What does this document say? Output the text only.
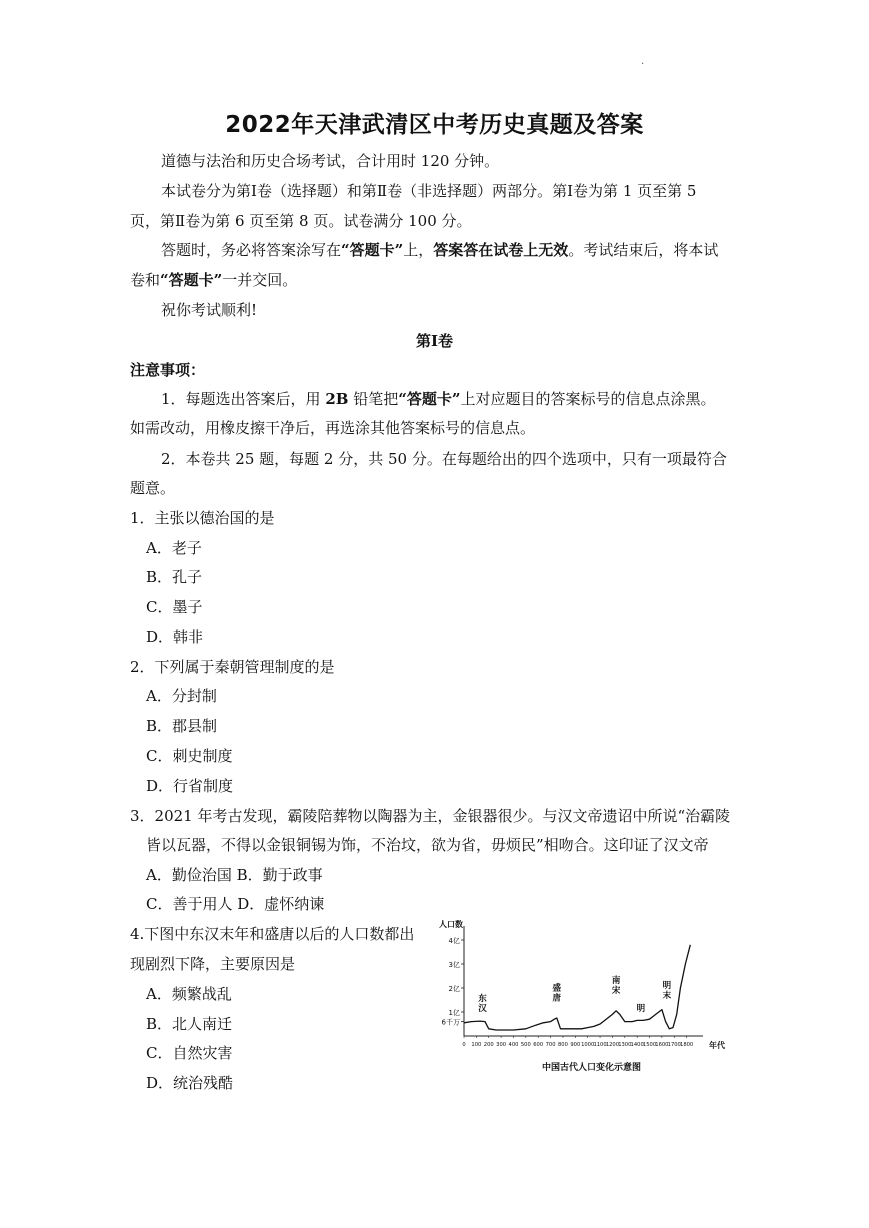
.
2022年天津武清区中考历史真题及答案
道德与法治和历史合场考试，合计用时 120 分钟。
本试卷分为第Ⅰ卷（选择题）和第Ⅱ卷（非选择题）两部分。第Ⅰ卷为第 1 页至第 5
页，第Ⅱ卷为第 6 页至第 8 页。试卷满分 100 分。
答题时，务必将答案涂写在“答题卡”上，答案答在试卷上无效。考试结束后，将本试
卷和“答题卡”一并交回。
祝你考试顺利!
第Ⅰ卷
注意事项：
1．每题选出答案后，用 2B 铅笔把“答题卡”上对应题目的答案标号的信息点涂黑。
如需改动，用橡皮擦干净后，再选涂其他答案标号的信息点。
2．本卷共 25 题，每题 2 分，共 50 分。在每题给出的四个选项中，只有一项最符合
题意。
1．主张以德治国的是
A．老子
B．孔子
C．墨子
D．韩非
2．下列属于秦朝管理制度的是
A．分封制
B．郡县制
C．刺史制度
D．行省制度
3．2021 年考古发现，霸陵陪葬物以陶器为主，金银器很少。与汉文帝遗诏中所说“治霸陵
皆以瓦器，不得以金银铜锡为饰，不治坟，欲为省，毋烦民”相吻合。这印证了汉文帝
A．勤俭治国 B．勤于政事
C．善于用人 D．虚怀纳谏
4.下图中东汉末年和盛唐以后的人口数都出
现剧烈下降，主要原因是
A．频繁战乱
B．北人南迁
C．自然灾害
D．统治残酷
人口数
年代
6千万
1亿
2亿
3亿
4亿
0 100 200 300 400 500 600 700 800 900 1000 1100 1200 1300 1400 1500 1600 1700 1800
东
汉
盛
唐
南
宋
明
明
末
中国古代人口变化示意图
